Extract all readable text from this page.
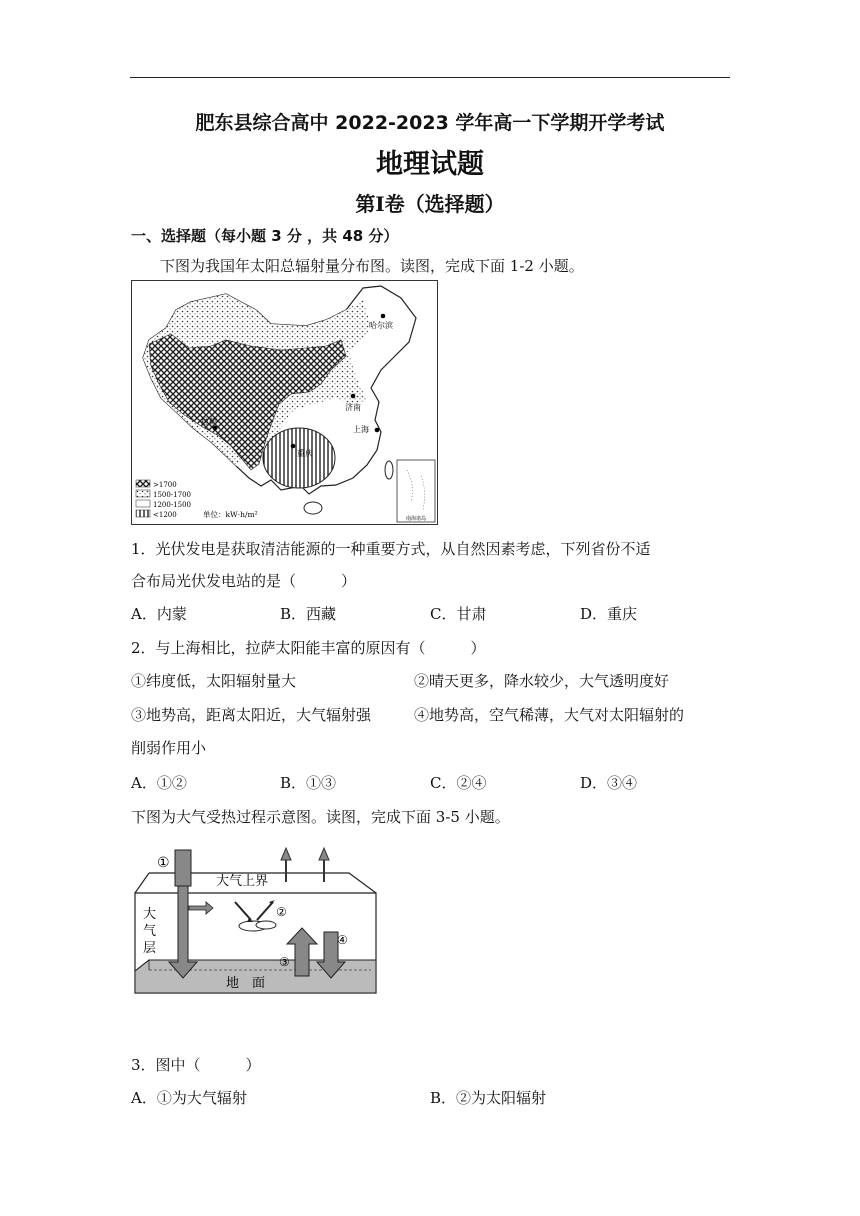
肥东县综合高中 2022-2023 学年高一下学期开学考试
地理试题
第Ⅰ卷（选择题）
一、选择题（每小题 3 分 ，共 48 分）
下图为我国年太阳总辐射量分布图。读图，完成下面 1-2 小题。
南海诸岛
哈尔滨
济南
上海
拉萨
重庆
>1700
1500-1700
1200-1500
<1200	单位：kW·h/m²
1．光伏发电是获取清洁能源的一种重要方式，从自然因素考虑，下列省份不适
合布局光伏发电站的是（　　　）
A．内蒙	B．西藏	C．甘肃	D．重庆
2．与上海相比，拉萨太阳能丰富的原因有（　　　）
①纬度低，太阳辐射量大	②晴天更多，降水较少，大气透明度好
③地势高，距离太阳近，大气辐射强	④地势高，空气稀薄，大气对太阳辐射的
削弱作用小
A．①②	B．①③	C．②④	D．③④
下图为大气受热过程示意图。读图，完成下面 3-5 小题。
大气上界
大
气
层
地　面
①
②
③
④
3．图中（　　　）
A．①为大气辐射	B．②为太阳辐射
